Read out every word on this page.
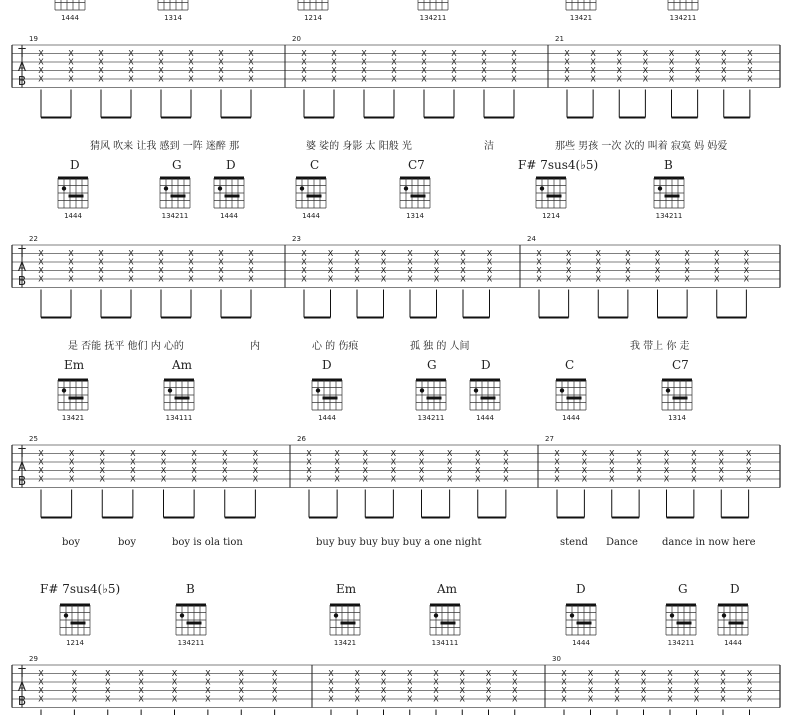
1444	1314	1214	134211	13421	134211
19	20	21
T
A
B
X
X
X
X
X
X
X
X
X
X
X
X
X
X
X
X
X
X
X
X
X
X
X
X
X
X
X
X
X
X
X
X
X
X
X
X
X
X
X
X
X
X
X
X
X
X
X
X
X
X
X
X
X
X
X
X
X
X
X
X
X
X
X
X
X
X
X
X
X
X
X
X
X
X
X
X
X
X
X
X
X
X
X
X
X
X
X
X
X
X
X
X
X
X
X
X
1444	134211	1444	1444	1314	1214	134211
22	23	24
T
A
B
X
X
X
X
X
X
X
X
X
X
X
X
X
X
X
X
X
X
X
X
X
X
X
X
X
X
X
X
X
X
X
X
X
X
X
X
X
X
X
X
X
X
X
X
X
X
X
X
X
X
X
X
X
X
X
X
X
X
X
X
X
X
X
X
X
X
X
X
X
X
X
X
X
X
X
X
X
X
X
X
X
X
X
X
X
X
X
X
X
X
X
X
X
X
X
X
13421	134111	1444	134211	1444	1444	1314
25	26	27
T
A
B
X
X
X
X
X
X
X
X
X
X
X
X
X
X
X
X
X
X
X
X
X
X
X
X
X
X
X
X
X
X
X
X
X
X
X
X
X
X
X
X
X
X
X
X
X
X
X
X
X
X
X
X
X
X
X
X
X
X
X
X
X
X
X
X
X
X
X
X
X
X
X
X
X
X
X
X
X
X
X
X
X
X
X
X
X
X
X
X
X
X
X
X
X
X
X
X
1214	134211	13421	134111	1444	134211	1444
29	30
T
A
B
X
X
X
X
X
X
X
X
X
X
X
X
X
X
X
X
X
X
X
X
X
X
X
X
X
X
X
X
X
X
X
X
X
X
X
X
X
X
X
X
X
X
X
X
X
X
X
X
X
X
X
X
X
X
X
X
X
X
X
X
X
X
X
X
X
X
X
X
X
X
X
X
X
X
X
X
X
X
X
X
X
X
X
X
X
X
X
X
X
X
X
X
X
X
X
X
D	G	D	C	C7	F# 7sus4(♭5)	B
Em	Am	D	G	D	C	C7
F# 7sus4(♭5)	B	Em	Am	D	G	D
猜风 吹来 让我 感到 一阵 迷醉 那	婆 娑的 身影 太 阳般 光	洁	那些 男孩 一次 次的 叫着 寂寞 妈 妈爱
是 否能 抚平 他们 内 心的	内	心 的 伤痕	孤 独 的 人间	我 带上 你 走
boy	boy	boy is ola tion	buy buy buy buy buy a one night	stend Dance dance in now here
